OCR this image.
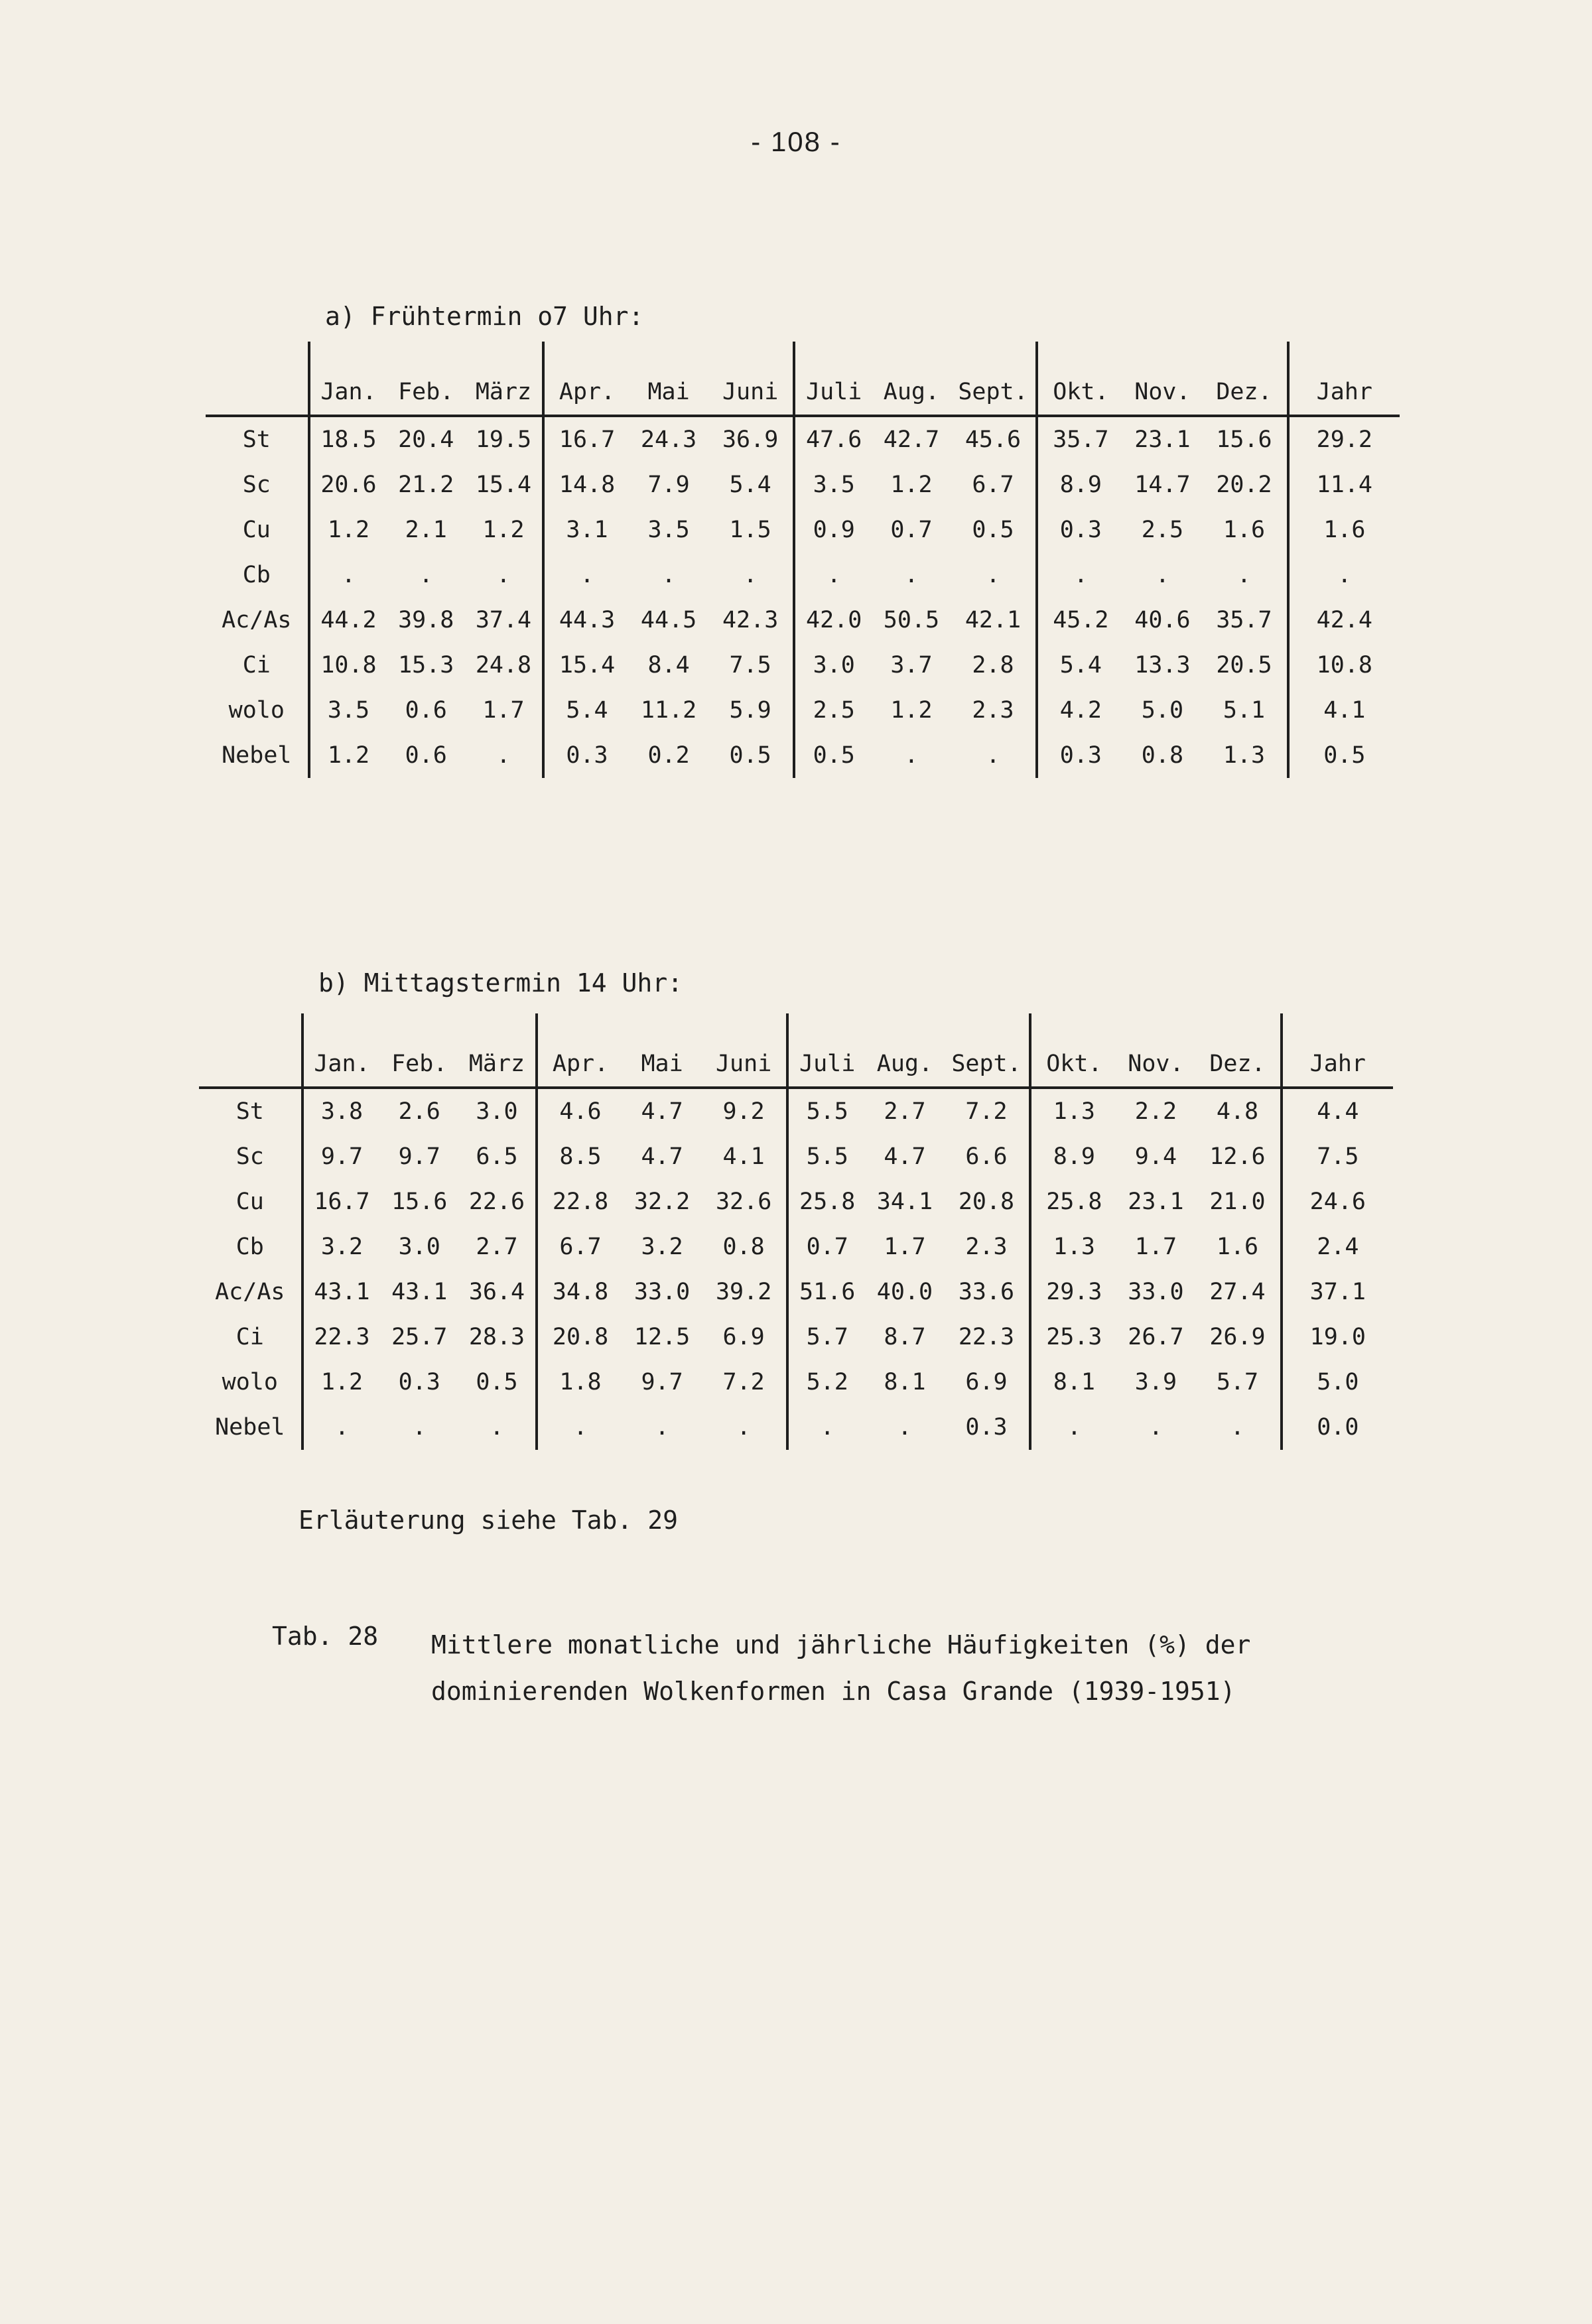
- 108 -
a) Frühtermin o7 Uhr:
	Jan.	Feb.	März	Apr.	Mai	Juni	Juli	Aug.	Sept.	Okt.	Nov.	Dez.	Jahr
St	18.5	20.4	19.5	16.7	24.3	36.9	47.6	42.7	45.6	35.7	23.1	15.6	29.2
Sc	20.6	21.2	15.4	14.8	7.9	5.4	3.5	1.2	6.7	8.9	14.7	20.2	11.4
Cu	1.2	2.1	1.2	3.1	3.5	1.5	0.9	0.7	0.5	0.3	2.5	1.6	1.6
Cb	.	.	.	.	.	.	.	.	.	.	.	.	.
Ac/As	44.2	39.8	37.4	44.3	44.5	42.3	42.0	50.5	42.1	45.2	40.6	35.7	42.4
Ci	10.8	15.3	24.8	15.4	8.4	7.5	3.0	3.7	2.8	5.4	13.3	20.5	10.8
wolo	3.5	0.6	1.7	5.4	11.2	5.9	2.5	1.2	2.3	4.2	5.0	5.1	4.1
Nebel	1.2	0.6	.	0.3	0.2	0.5	0.5	.	.	0.3	0.8	1.3	0.5
b) Mittagstermin 14 Uhr:
	Jan.	Feb.	März	Apr.	Mai	Juni	Juli	Aug.	Sept.	Okt.	Nov.	Dez.	Jahr
St	3.8	2.6	3.0	4.6	4.7	9.2	5.5	2.7	7.2	1.3	2.2	4.8	4.4
Sc	9.7	9.7	6.5	8.5	4.7	4.1	5.5	4.7	6.6	8.9	9.4	12.6	7.5
Cu	16.7	15.6	22.6	22.8	32.2	32.6	25.8	34.1	20.8	25.8	23.1	21.0	24.6
Cb	3.2	3.0	2.7	6.7	3.2	0.8	0.7	1.7	2.3	1.3	1.7	1.6	2.4
Ac/As	43.1	43.1	36.4	34.8	33.0	39.2	51.6	40.0	33.6	29.3	33.0	27.4	37.1
Ci	22.3	25.7	28.3	20.8	12.5	6.9	5.7	8.7	22.3	25.3	26.7	26.9	19.0
wolo	1.2	0.3	0.5	1.8	9.7	7.2	5.2	8.1	6.9	8.1	3.9	5.7	5.0
Nebel	.	.	.	.	.	.	.	.	0.3	.	.	.	0.0
Erläuterung siehe Tab. 29
Tab. 28 Mittlere monatliche und jährliche Häufigkeiten (%) der dominierenden Wolkenformen in Casa Grande (1939-1951)
